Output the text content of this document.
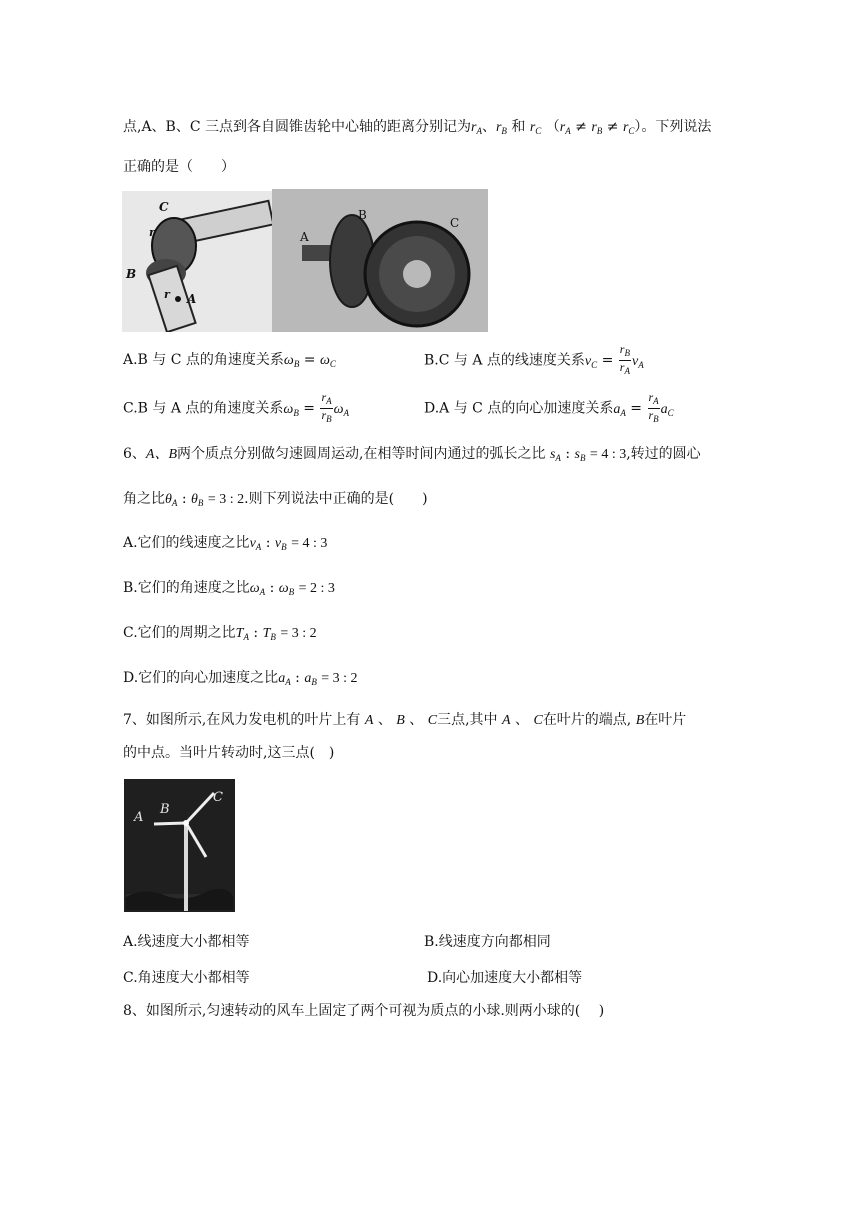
点,A、B、C 三点到各自圆锥齿轮中心轴的距离分别记为$r_A$、$r_B$ 和 $r_C$ $(r_A \ne r_B \ne r_C)$。下列说法
正确的是（　　）
C
r
B
r A
B
C
A
A.B 与 C 点的角速度关系$\omega_B = \omega_C$	B.C 与 A 点的线速度关系$v_C = \frac{r_B}{r_A} v_A$
C.B 与 A 点的角速度关系$\omega_B = \frac{r_A}{r_B} \omega_A$	D.A 与 C 点的向心加速度关系$a_A = \frac{r_A}{r_B} a_C$
6、A、B两个质点分别做匀速圆周运动,在相等时间内通过的弧长之比 $s_A$ : $s_B = 4$ : 3,转过的圆心
角之比$\theta_A$ : $\theta_B = 3$ : 2.则下列说法中正确的是(　　)
A.它们的线速度之比$v_A$ : $v_B = 4$ : 3
B.它们的角速度之比$\omega_A$ : $\omega_B = 2$ : 3
C.它们的周期之比$T_A$ : $T_B = 3$ : 2
D.它们的向心加速度之比$a_A$ : $a_B = 3$ : 2
7、如图所示,在风力发电机的叶片上有 A 、 B 、 C三点,其中 A 、 C在叶片的端点, B在叶片
的中点。当叶片转动时,这三点(　)
A
B
C
A.线速度大小都相等	B.线速度方向都相同
C.角速度大小都相等	D.向心加速度大小都相等
8、如图所示,匀速转动的风车上固定了两个可视为质点的小球.则两小球的(　 )
